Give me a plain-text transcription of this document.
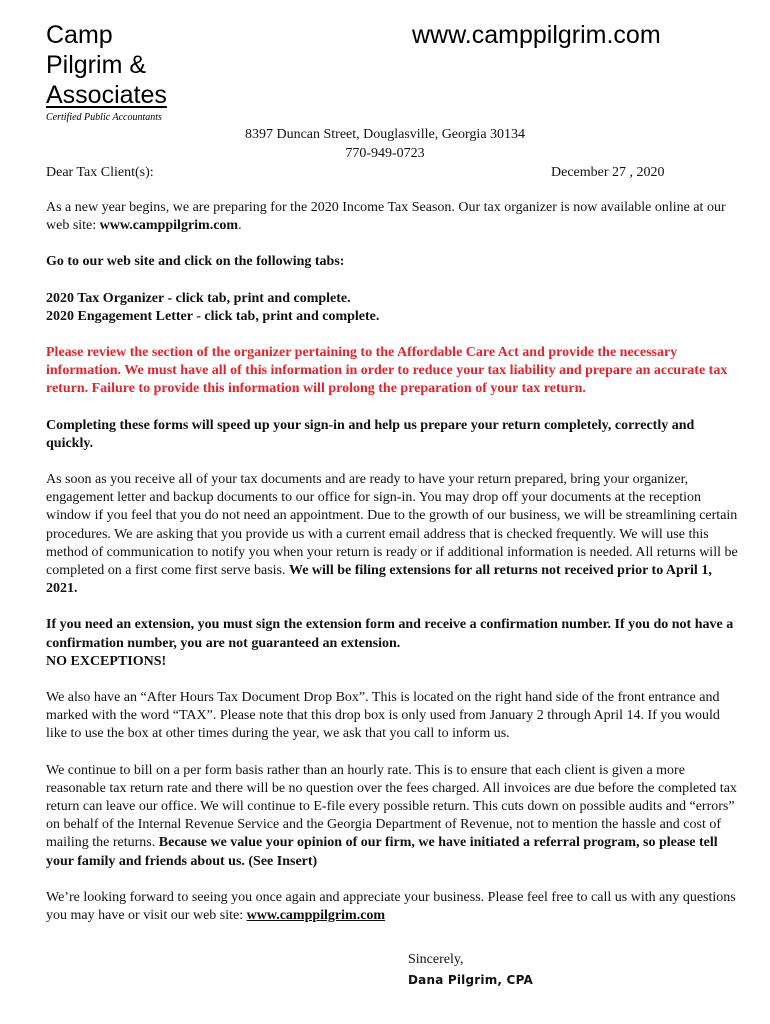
Camp
Pilgrim &
Associates
www.camppilgrim.com
Certified Public Accountants
8397 Duncan Street, Douglasville, Georgia 30134
770-949-0723
Dear Tax Client(s):	December 27 , 2020

As a new year begins, we are preparing for the 2020 Income Tax Season. Our tax organizer is now available online at our web site: www.camppilgrim.com.

Go to our web site and click on the following tabs:

2020 Tax Organizer - click tab, print and complete.
2020 Engagement Letter - click tab, print and complete.

Please review the section of the organizer pertaining to the Affordable Care Act and provide the necessary information. We must have all of this information in order to reduce your tax liability and prepare an accurate tax return. Failure to provide this information will prolong the preparation of your tax return.

Completing these forms will speed up your sign-in and help us prepare your return completely, correctly and quickly.

As soon as you receive all of your tax documents and are ready to have your return prepared, bring your organizer, engagement letter and backup documents to our office for sign-in. You may drop off your documents at the reception window if you feel that you do not need an appointment. Due to the growth of our business, we will be streamlining certain procedures. We are asking that you provide us with a current email address that is checked frequently. We will use this method of communication to notify you when your return is ready or if additional information is needed. All returns will be completed on a first come first serve basis. We will be filing extensions for all returns not received prior to April 1, 2021.

If you need an extension, you must sign the extension form and receive a confirmation number. If you do not have a confirmation number, you are not guaranteed an extension.
NO EXCEPTIONS!

We also have an “After Hours Tax Document Drop Box”. This is located on the right hand side of the front entrance and marked with the word “TAX”. Please note that this drop box is only used from January 2 through April 14. If you would like to use the box at other times during the year, we ask that you call to inform us.

We continue to bill on a per form basis rather than an hourly rate. This is to ensure that each client is given a more reasonable tax return rate and there will be no question over the fees charged. All invoices are due before the completed tax return can leave our office. We will continue to E-file every possible return. This cuts down on possible audits and “errors” on behalf of the Internal Revenue Service and the Georgia Department of Revenue, not to mention the hassle and cost of mailing the returns. Because we value your opinion of our firm, we have initiated a referral program, so please tell your family and friends about us. (See Insert)

We’re looking forward to seeing you once again and appreciate your business. Please feel free to call us with any questions you may have or visit our web site: www.camppilgrim.com

Sincerely,
Dana Pilgrim, CPA
